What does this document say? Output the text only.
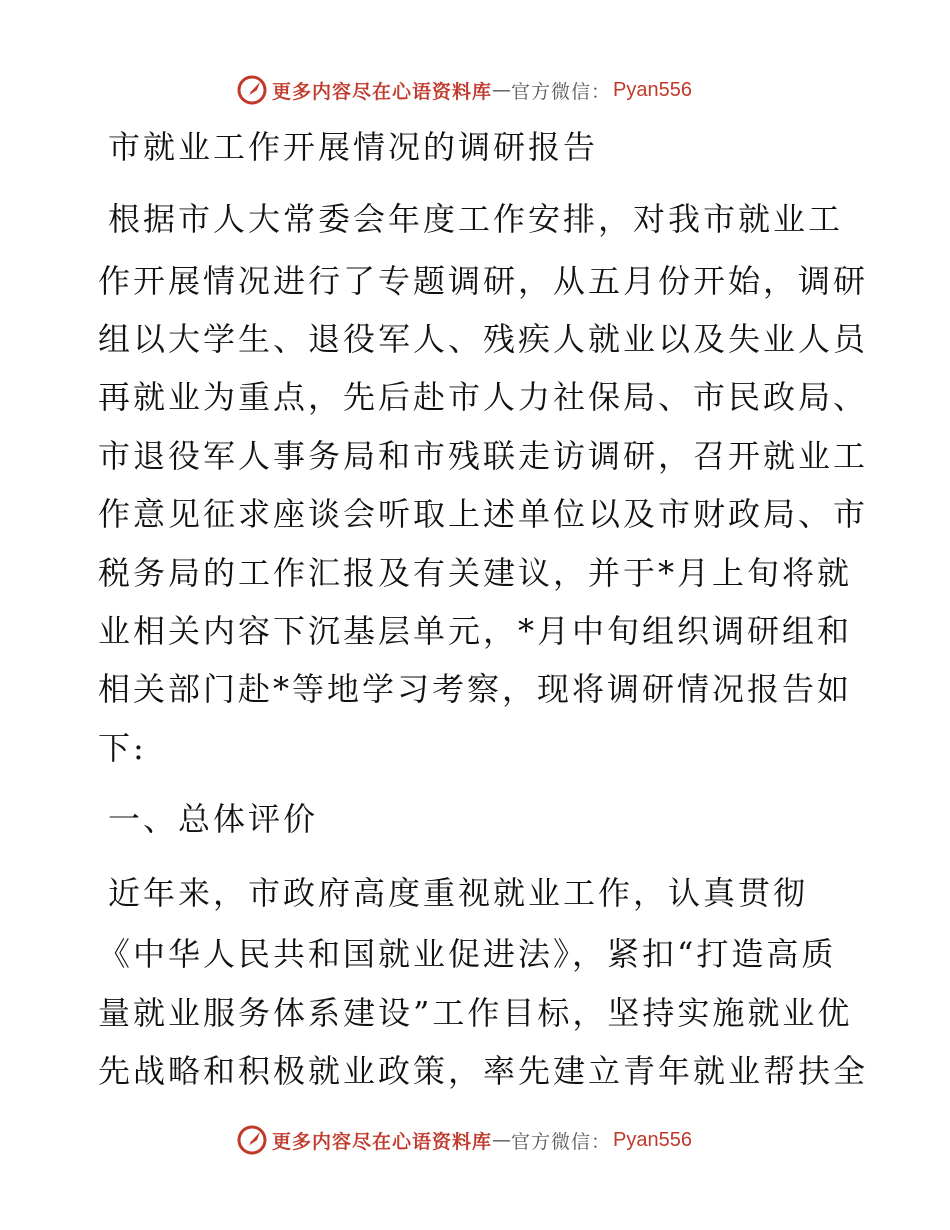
更多内容尽在心语资料库 — 官方微信： Pyan556
市就业工作开展情况的调研报告
根据市人大常委会年度工作安排，对我市就业工
作开展情况进行了专题调研，从五月份开始，调研
组以大学生、退役军人、残疾人就业以及失业人员
再就业为重点，先后赴市人力社保局、市民政局、
市退役军人事务局和市残联走访调研，召开就业工
作意见征求座谈会听取上述单位以及市财政局、市
税务局的工作汇报及有关建议，并于*月上旬将就
业相关内容下沉基层单元，*月中旬组织调研组和
相关部门赴*等地学习考察，现将调研情况报告如
下:
一、总体评价
近年来，市政府高度重视就业工作，认真贯彻
《中华人民共和国就业促进法》，紧扣“打造高质
量就业服务体系建设”工作目标，坚持实施就业优
先战略和积极就业政策，率先建立青年就业帮扶全
更多内容尽在心语资料库 — 官方微信： Pyan556
